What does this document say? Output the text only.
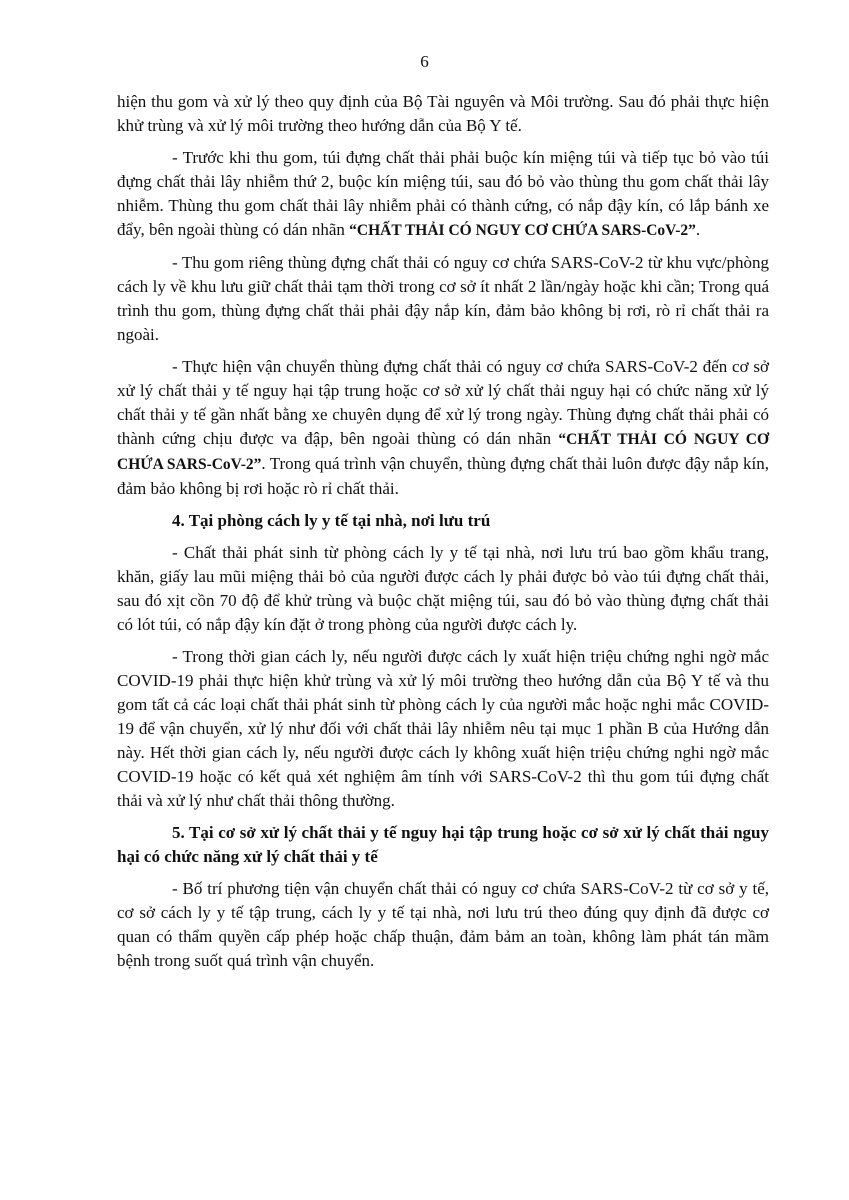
6

hiện thu gom và xử lý theo quy định của Bộ Tài nguyên và Môi trường. Sau đó phải thực hiện khử trùng và xử lý môi trường theo hướng dẫn của Bộ Y tế.

- Trước khi thu gom, túi đựng chất thải phải buộc kín miệng túi và tiếp tục bỏ vào túi đựng chất thải lây nhiễm thứ 2, buộc kín miệng túi, sau đó bỏ vào thùng thu gom chất thải lây nhiễm. Thùng thu gom chất thải lây nhiễm phải có thành cứng, có nắp đậy kín, có lắp bánh xe đẩy, bên ngoài thùng có dán nhãn “CHẤT THẢI CÓ NGUY CƠ CHỨA SARS-CoV-2”.

- Thu gom riêng thùng đựng chất thải có nguy cơ chứa SARS-CoV-2 từ khu vực/phòng cách ly về khu lưu giữ chất thải tạm thời trong cơ sở ít nhất 2 lần/ngày hoặc khi cần; Trong quá trình thu gom, thùng đựng chất thải phải đậy nắp kín, đảm bảo không bị rơi, rò rỉ chất thải ra ngoài.

- Thực hiện vận chuyển thùng đựng chất thải có nguy cơ chứa SARS-CoV-2 đến cơ sở xử lý chất thải y tế nguy hại tập trung hoặc cơ sở xử lý chất thải nguy hại có chức năng xử lý chất thải y tế gần nhất bằng xe chuyên dụng để xử lý trong ngày. Thùng đựng chất thải phải có thành cứng chịu được va đập, bên ngoài thùng có dán nhãn “CHẤT THẢI CÓ NGUY CƠ CHỨA SARS-CoV-2”. Trong quá trình vận chuyển, thùng đựng chất thải luôn được đậy nắp kín, đảm bảo không bị rơi hoặc rò rỉ chất thải.

4. Tại phòng cách ly y tế tại nhà, nơi lưu trú

- Chất thải phát sinh từ phòng cách ly y tế tại nhà, nơi lưu trú bao gồm khẩu trang, khăn, giấy lau mũi miệng thải bỏ của người được cách ly phải được bỏ vào túi đựng chất thải, sau đó xịt cồn 70 độ để khử trùng và buộc chặt miệng túi, sau đó bỏ vào thùng đựng chất thải có lót túi, có nắp đậy kín đặt ở trong phòng của người được cách ly.

- Trong thời gian cách ly, nếu người được cách ly xuất hiện triệu chứng nghi ngờ mắc COVID-19 phải thực hiện khử trùng và xử lý môi trường theo hướng dẫn của Bộ Y tế và thu gom tất cả các loại chất thải phát sinh từ phòng cách ly của người mắc hoặc nghi mắc COVID-19 để vận chuyển, xử lý như đối với chất thải lây nhiễm nêu tại mục 1 phần B của Hướng dẫn này. Hết thời gian cách ly, nếu người được cách ly không xuất hiện triệu chứng nghi ngờ mắc COVID-19 hoặc có kết quả xét nghiệm âm tính với SARS-CoV-2 thì thu gom túi đựng chất thải và xử lý như chất thải thông thường.

5. Tại cơ sở xử lý chất thải y tế nguy hại tập trung hoặc cơ sở xử lý chất thải nguy hại có chức năng xử lý chất thải y tế

- Bố trí phương tiện vận chuyển chất thải có nguy cơ chứa SARS-CoV-2 từ cơ sở y tế, cơ sở cách ly y tế tập trung, cách ly y tế tại nhà, nơi lưu trú theo đúng quy định đã được cơ quan có thẩm quyền cấp phép hoặc chấp thuận, đảm bảm an toàn, không làm phát tán mầm bệnh trong suốt quá trình vận chuyển.
